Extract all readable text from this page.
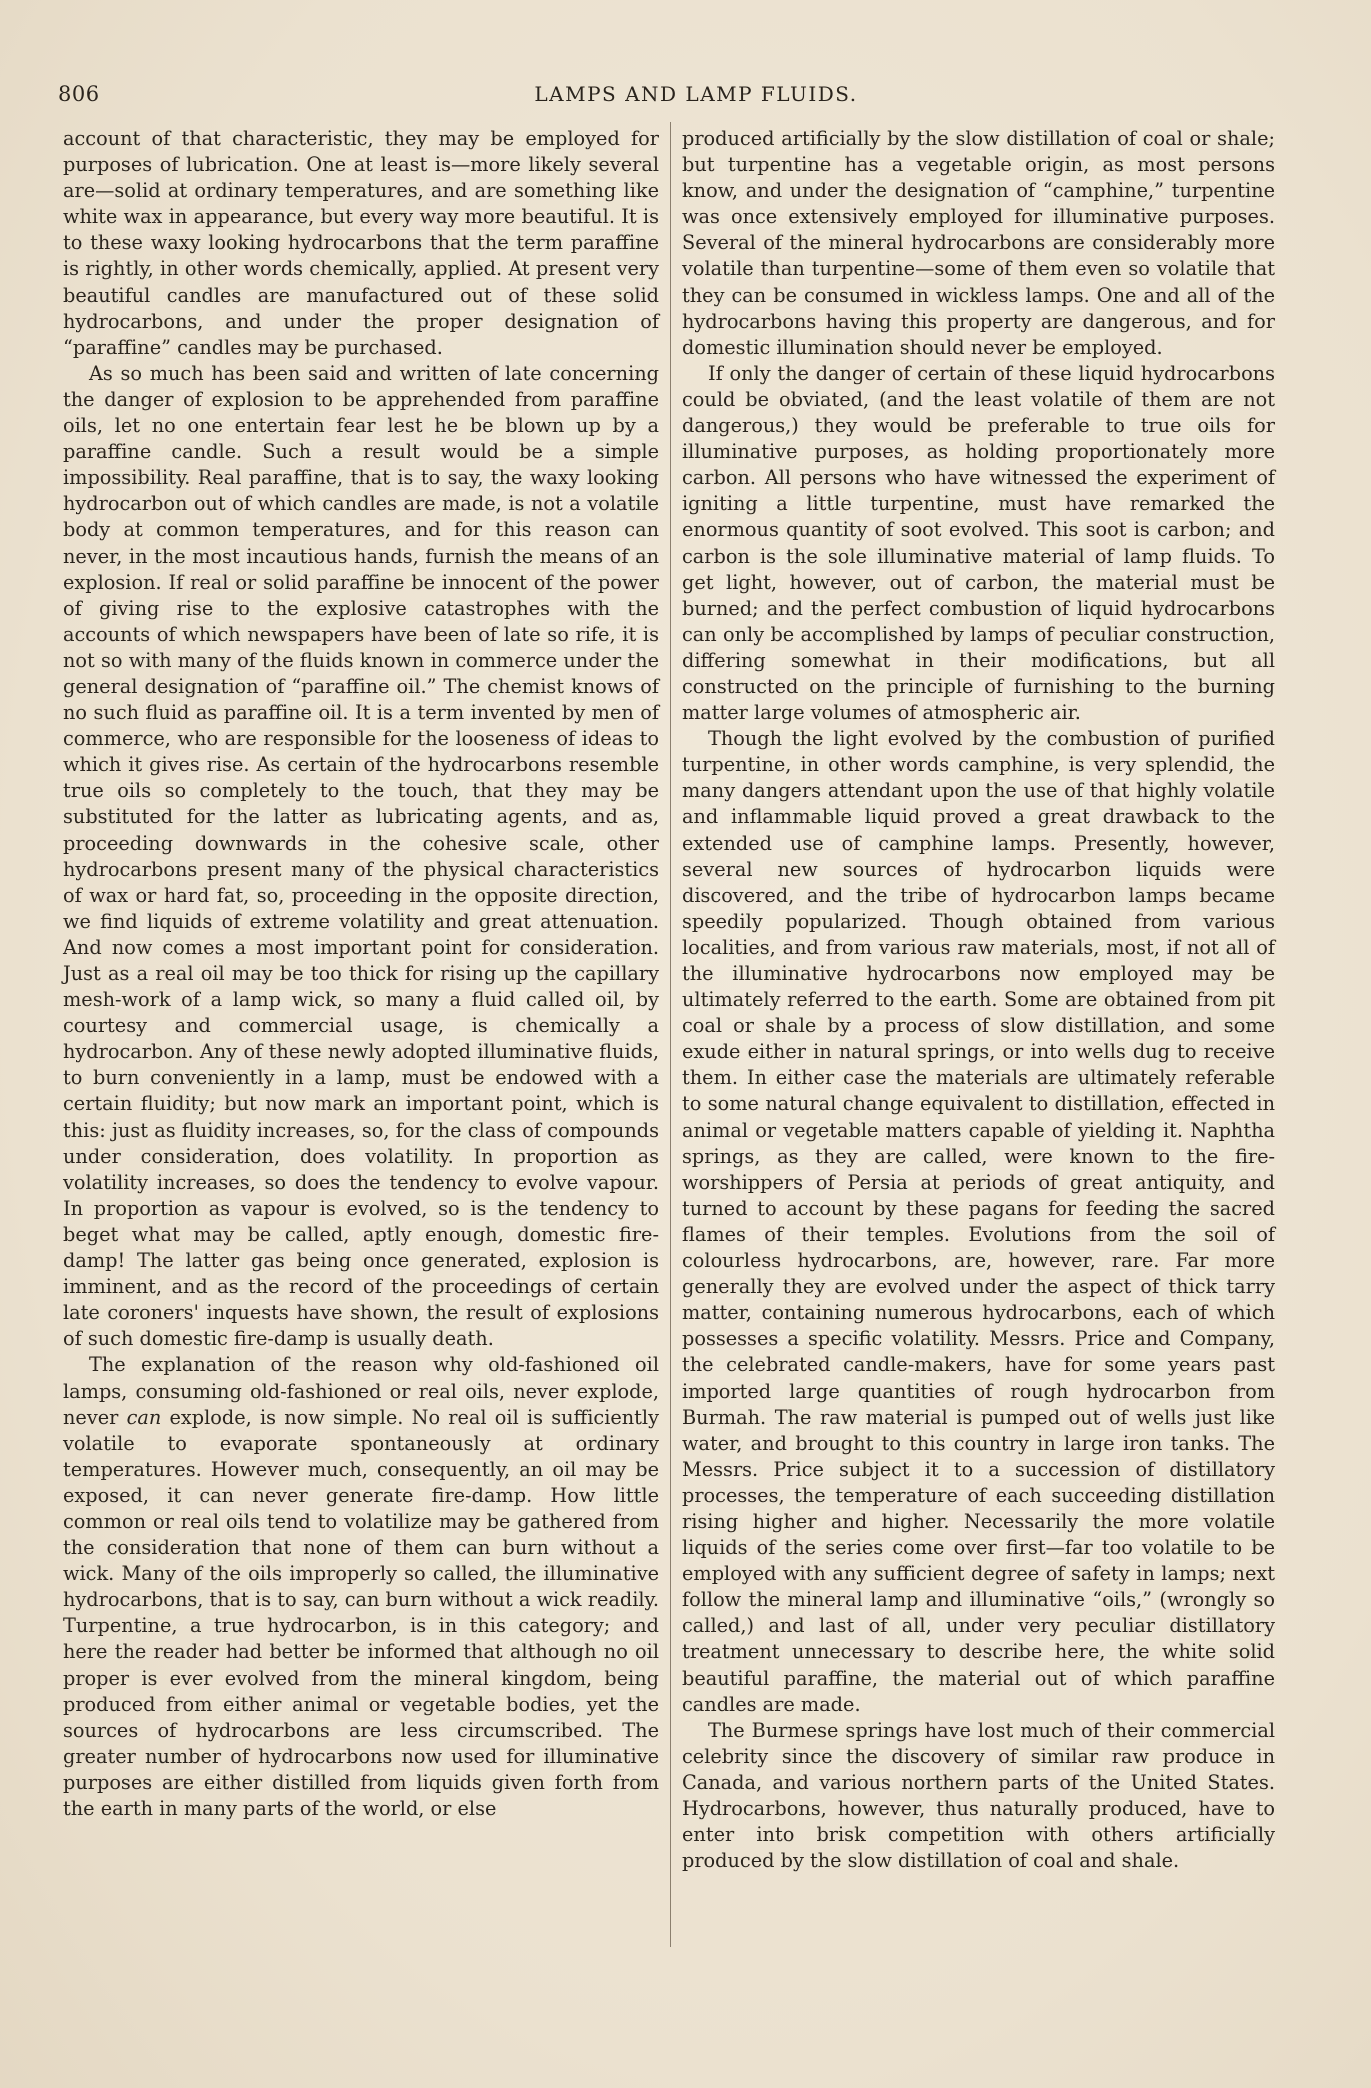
806	LAMPS AND LAMP FLUIDS.

account of that characteristic, they may be employed for purposes of lubrication. One at least is—more likely several are—solid at ordinary temperatures, and are something like white wax in appearance, but every way more beautiful. It is to these waxy looking hydrocarbons that the term paraffine is rightly, in other words chemically, applied. At present very beautiful candles are manufactured out of these solid hydrocarbons, and under the proper designation of “paraffine” candles may be purchased.

As so much has been said and written of late concerning the danger of explosion to be apprehended from paraffine oils, let no one entertain fear lest he be blown up by a paraffine candle. Such a result would be a simple impossibility. Real paraffine, that is to say, the waxy looking hydrocarbon out of which candles are made, is not a volatile body at common temperatures, and for this reason can never, in the most incautious hands, furnish the means of an explosion. If real or solid paraffine be innocent of the power of giving rise to the explosive catastrophes with the accounts of which newspapers have been of late so rife, it is not so with many of the fluids known in commerce under the general designation of “paraffine oil.” The chemist knows of no such fluid as paraffine oil. It is a term invented by men of commerce, who are responsible for the looseness of ideas to which it gives rise. As certain of the hydrocarbons resemble true oils so completely to the touch, that they may be substituted for the latter as lubricating agents, and as, proceeding downwards in the cohesive scale, other hydrocarbons present many of the physical characteristics of wax or hard fat, so, proceeding in the opposite direction, we find liquids of extreme volatility and great attenuation. And now comes a most important point for consideration. Just as a real oil may be too thick for rising up the capillary mesh-work of a lamp wick, so many a fluid called oil, by courtesy and commercial usage, is chemically a hydrocarbon. Any of these newly adopted illuminative fluids, to burn conveniently in a lamp, must be endowed with a certain fluidity; but now mark an important point, which is this: just as fluidity increases, so, for the class of compounds under consideration, does volatility. In proportion as volatility increases, so does the tendency to evolve vapour. In proportion as vapour is evolved, so is the tendency to beget what may be called, aptly enough, domestic fire-damp! The latter gas being once generated, explosion is imminent, and as the record of the proceedings of certain late coroners' inquests have shown, the result of explosions of such domestic fire-damp is usually death.

The explanation of the reason why old-fashioned oil lamps, consuming old-fashioned or real oils, never explode, never can explode, is now simple. No real oil is sufficiently volatile to evaporate spontaneously at ordinary temperatures. However much, consequently, an oil may be exposed, it can never generate fire-damp. How little common or real oils tend to volatilize may be gathered from the consideration that none of them can burn without a wick. Many of the oils improperly so called, the illuminative hydrocarbons, that is to say, can burn without a wick readily. Turpentine, a true hydrocarbon, is in this category; and here the reader had better be informed that although no oil proper is ever evolved from the mineral kingdom, being produced from either animal or vegetable bodies, yet the sources of hydrocarbons are less circumscribed. The greater number of hydrocarbons now used for illuminative purposes are either distilled from liquids given forth from the earth in many parts of the world, or else

produced artificially by the slow distillation of coal or shale; but turpentine has a vegetable origin, as most persons know, and under the designation of “camphine,” turpentine was once extensively employed for illuminative purposes. Several of the mineral hydrocarbons are considerably more volatile than turpentine—some of them even so volatile that they can be consumed in wickless lamps. One and all of the hydrocarbons having this property are dangerous, and for domestic illumination should never be employed.

If only the danger of certain of these liquid hydrocarbons could be obviated, (and the least volatile of them are not dangerous,) they would be preferable to true oils for illuminative purposes, as holding proportionately more carbon. All persons who have witnessed the experiment of igniting a little turpentine, must have remarked the enormous quantity of soot evolved. This soot is carbon; and carbon is the sole illuminative material of lamp fluids. To get light, however, out of carbon, the material must be burned; and the perfect combustion of liquid hydrocarbons can only be accomplished by lamps of peculiar construction, differing somewhat in their modifications, but all constructed on the principle of furnishing to the burning matter large volumes of atmospheric air.

Though the light evolved by the combustion of purified turpentine, in other words camphine, is very splendid, the many dangers attendant upon the use of that highly volatile and inflammable liquid proved a great drawback to the extended use of camphine lamps. Presently, however, several new sources of hydrocarbon liquids were discovered, and the tribe of hydrocarbon lamps became speedily popularized. Though obtained from various localities, and from various raw materials, most, if not all of the illuminative hydrocarbons now employed may be ultimately referred to the earth. Some are obtained from pit coal or shale by a process of slow distillation, and some exude either in natural springs, or into wells dug to receive them. In either case the materials are ultimately referable to some natural change equivalent to distillation, effected in animal or vegetable matters capable of yielding it. Naphtha springs, as they are called, were known to the fire-worshippers of Persia at periods of great antiquity, and turned to account by these pagans for feeding the sacred flames of their temples. Evolutions from the soil of colourless hydrocarbons, are, however, rare. Far more generally they are evolved under the aspect of thick tarry matter, containing numerous hydrocarbons, each of which possesses a specific volatility. Messrs. Price and Company, the celebrated candle-makers, have for some years past imported large quantities of rough hydrocarbon from Burmah. The raw material is pumped out of wells just like water, and brought to this country in large iron tanks. The Messrs. Price subject it to a succession of distillatory processes, the temperature of each succeeding distillation rising higher and higher. Necessarily the more volatile liquids of the series come over first—far too volatile to be employed with any sufficient degree of safety in lamps; next follow the mineral lamp and illuminative “oils,” (wrongly so called,) and last of all, under very peculiar distillatory treatment unnecessary to describe here, the white solid beautiful paraffine, the material out of which paraffine candles are made.

The Burmese springs have lost much of their commercial celebrity since the discovery of similar raw produce in Canada, and various northern parts of the United States. Hydrocarbons, however, thus naturally produced, have to enter into brisk competition with others artificially produced by the slow distillation of coal and shale.
